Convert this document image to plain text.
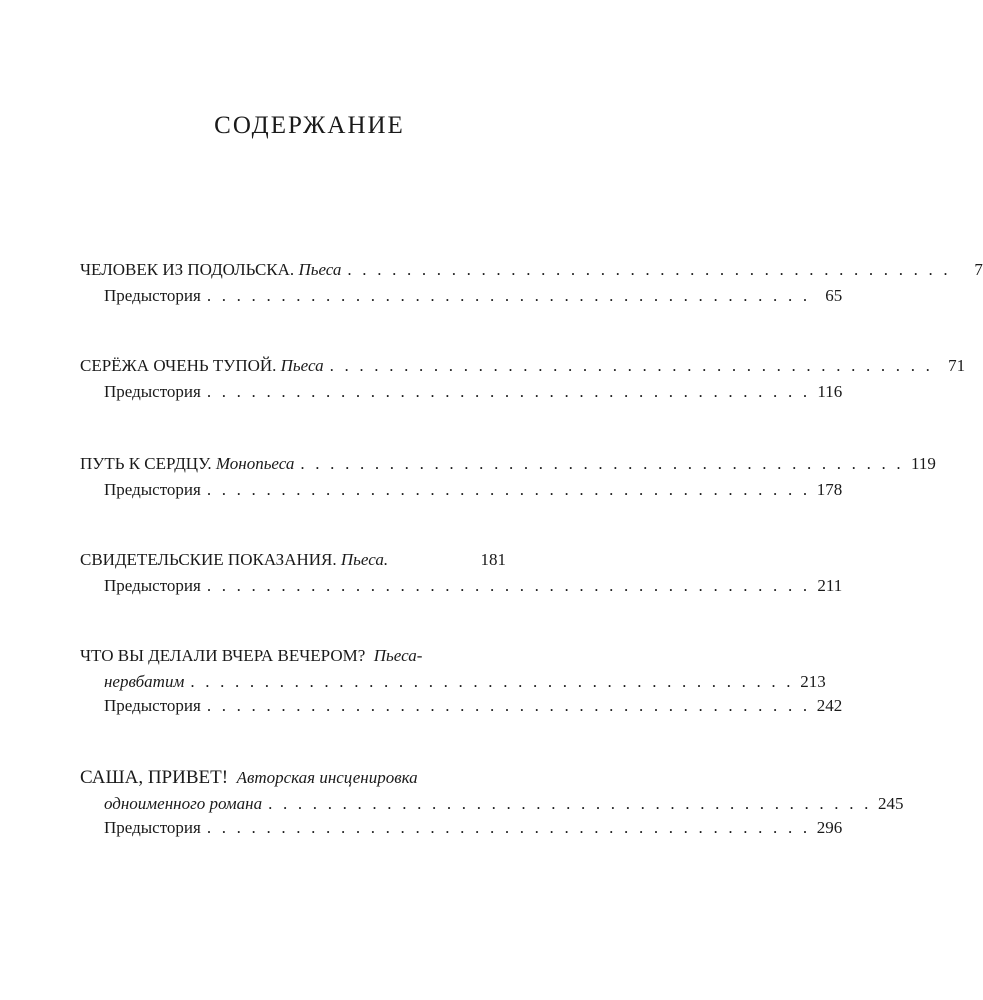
СОДЕРЖАНИЕ
ЧЕЛОВЕК ИЗ ПОДОЛЬСКА. Пьеса . . . . . . . . . . . . . . . . . . . . . . . . . . . . . . . . . . . . . . . . .	7
Предыстория . . . . . . . . . . . . . . . . . . . . . . . . . . . . . . . . . . . . . . . . . 65
СЕРЁЖА ОЧЕНЬ ТУПОЙ. Пьеса . . . . . . . . . . . . . . . . . . . . . . . . . . . . . . . . . . . . . . . . . 71
Предыстория . . . . . . . . . . . . . . . . . . . . . . . . . . . . . . . . . . . . . . . . . 116
ПУТЬ К СЕРДЦУ. Монопьеса . . . . . . . . . . . . . . . . . . . . . . . . . . . . . . . . . . . . . . . . . 119
Предыстория . . . . . . . . . . . . . . . . . . . . . . . . . . . . . . . . . . . . . . . . . 178
СВИДЕТЕЛЬСКИЕ ПОКАЗАНИЯ. Пьеса.	181
Предыстория . . . . . . . . . . . . . . . . . . . . . . . . . . . . . . . . . . . . . . . . . 211
ЧТО ВЫ ДЕЛАЛИ ВЧЕРА ВЕЧЕРОМ?
Пьеса-
нервбатим . . . . . . . . . . . . . . . . . . . . . . . . . . . . . . . . . . . . . . . . . 213
Предыстория . . . . . . . . . . . . . . . . . . . . . . . . . . . . . . . . . . . . . . . . . 242
САША, ПРИВЕТ!
Авторская инсценировка
одноименного романа . . . . . . . . . . . . . . . . . . . . . . . . . . . . . . . . . . . . . . . . . 245
Предыстория . . . . . . . . . . . . . . . . . . . . . . . . . . . . . . . . . . . . . . . . . 296
